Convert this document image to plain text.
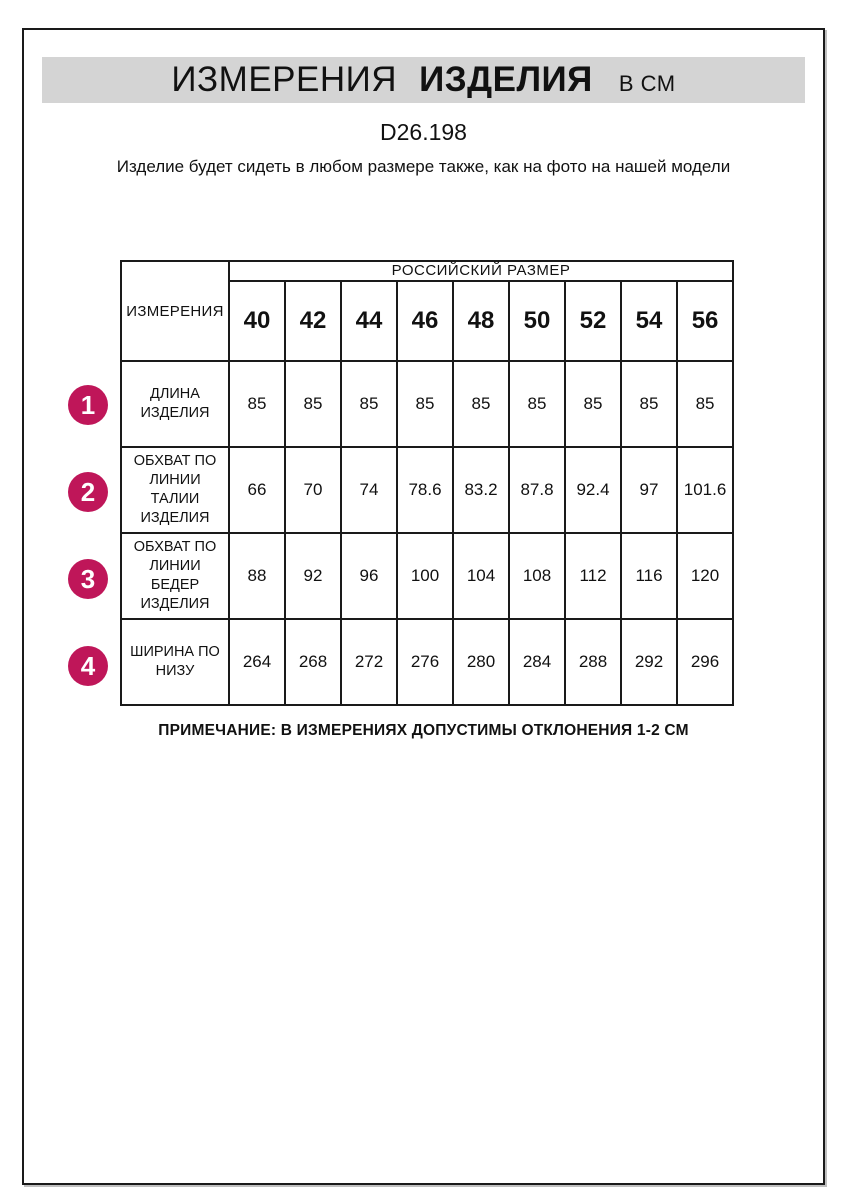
ИЗМЕРЕНИЯ ИЗДЕЛИЯ В СМ
D26.198
Изделие будет сидеть в любом размере также, как на фото на нашей модели
1
2
3
4
ИЗМЕРЕНИЯ	РОССИЙСКИЙ РАЗМЕР								
	40	42	44	46	48	50	52	54	56

ДЛИНА
ИЗДЕЛИЯ	85	85	85	85	85	85	85	85	85

ОБХВАТ ПО
ЛИНИИ ТАЛИИ
ИЗДЕЛИЯ	66	70	74	78.6	83.2	87.8	92.4	97	101.6

ОБХВАТ ПО
ЛИНИИ БЕДЕР
ИЗДЕЛИЯ	88	92	96	100	104	108	112	116	120

ШИРИНА ПО
НИЗУ	264	268	272	276	280	284	288	292	296
ПРИМЕЧАНИЕ: В ИЗМЕРЕНИЯХ ДОПУСТИМЫ ОТКЛОНЕНИЯ 1-2 СМ
